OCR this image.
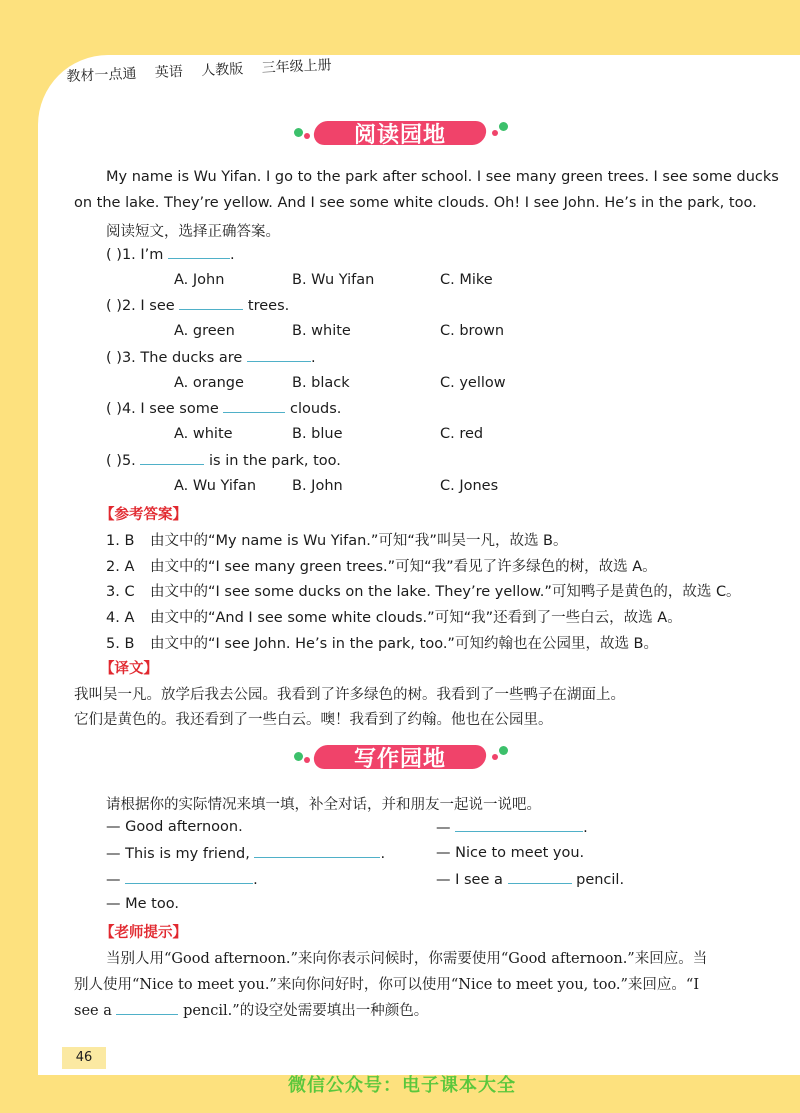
教材一点通 英语 人教版 三年级上册
阅读园地
My name is Wu Yifan. I go to the park after school. I see many green trees. I see some ducks
on the lake. They’re yellow. And I see some white clouds. Oh! I see John. He’s in the park, too.
阅读短文，选择正确答案。
( )1. I’m	.
A. John	B. Wu Yifan	C. Mike
( )2. I see	trees.
A. green	B. white	C. brown
( )3. The ducks are	.
A. orange	B. black	C. yellow
( )4. I see some	clouds.
A. white	B. blue	C. red
( )5.	is in the park, too.
A. Wu Yifan B. John	C. Jones
【参考答案】
1. B 由文中的“My name is Wu Yifan.”可知“我”叫吴一凡，故选 B。
2. A 由文中的“I see many green trees.”可知“我”看见了许多绿色的树，故选 A。
3. C 由文中的“I see some ducks on the lake. They’re yellow.”可知鸭子是黄色的，故选 C。
4. A 由文中的“And I see some white clouds.”可知“我”还看到了一些白云，故选 A。
5. B 由文中的“I see John. He’s in the park, too.”可知约翰也在公园里，故选 B。
【译文】
我叫吴一凡。放学后我去公园。我看到了许多绿色的树。我看到了一些鸭子在湖面上。
它们是黄色的。我还看到了一些白云。噢！我看到了约翰。他也在公园里。
写作园地
请根据你的实际情况来填一填，补全对话，并和朋友一起说一说吧。
— Good afternoon.	—	.
— This is my friend,	.	— Nice to meet you.
—	.	— I see a	pencil.
— Me too.
【老师提示】
当别人用“Good afternoon.”来向你表示问候时，你需要使用“Good afternoon.”来回应。当
别人使用“Nice to meet you.”来向你问好时，你可以使用“Nice to meet you, too.”来回应。“I
see a	pencil.”的设空处需要填出一种颜色。
46
微信公众号：电子课本大全
